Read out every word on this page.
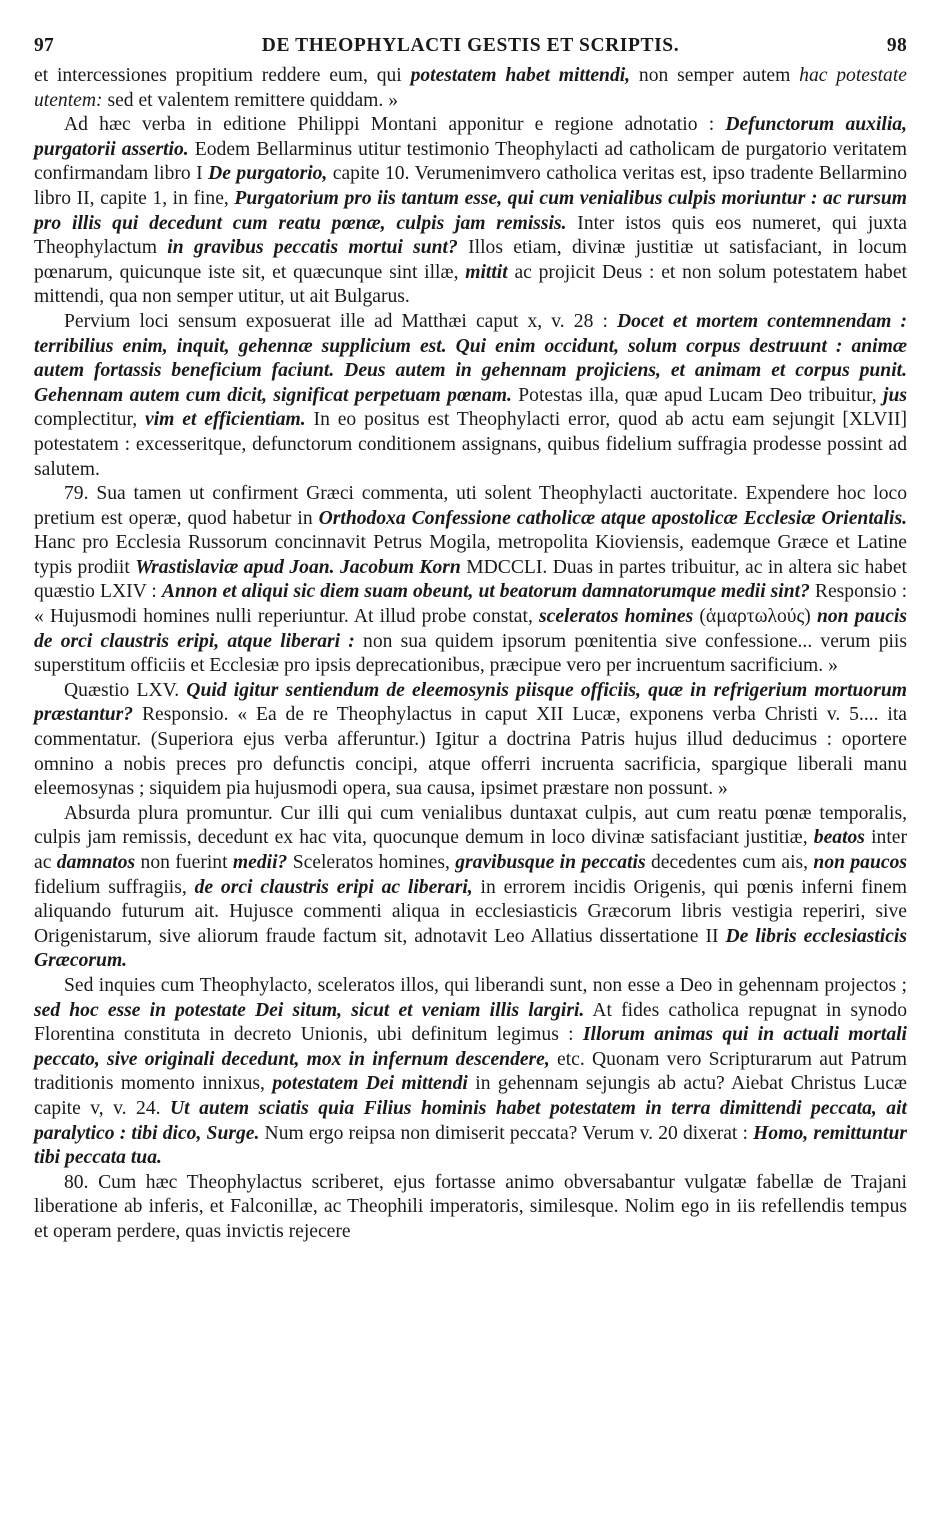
97	DE THEOPHYLACTI GESTIS ET SCRIPTIS.	98

et intercessiones propitium reddere eum, qui potestatem habet mittendi, non semper autem hac potestate utentem: sed et valentem remittere quiddam. »

Ad hæc verba in editione Philippi Montani apponitur e regione adnotatio : Defunctorum auxilia, purgatorii assertio. Eodem Bellarminus utitur testimonio Theophylacti ad catholicam de purgatorio veritatem confirmandam libro I De purgatorio, capite 10. Verumenimvero catholica veritas est, ipso tradente Bellarmino libro II, capite 1, in fine, Purgatorium pro iis tantum esse, qui cum venialibus culpis moriuntur : ac rursum pro illis qui decedunt cum reatu pœnæ, culpis jam remissis. Inter istos quis eos numeret, qui juxta Theophylactum in gravibus peccatis mortui sunt? Illos etiam, divinæ justitiæ ut satisfaciant, in locum pœnarum, quicunque iste sit, et quæcunque sint illæ, mittit ac projicit Deus : et non solum potestatem habet mittendi, qua non semper utitur, ut ait Bulgarus.

Pervium loci sensum exposuerat ille ad Matthæi caput x, v. 28 : Docet et mortem contemnendam : terribilius enim, inquit, gehennæ supplicium est. Qui enim occidunt, solum corpus destruunt : animæ autem fortassis beneficium faciunt. Deus autem in gehennam projiciens, et animam et corpus punit. Gehennam autem cum dicit, significat perpetuam pœnam. Potestas illa, quæ apud Lucam Deo tribuitur, jus complectitur, vim et efficientiam. In eo positus est Theophylacti error, quod ab actu eam sejungit [XLVII] potestatem : excesseritque, defunctorum conditionem assignans, quibus fidelium suffragia prodesse possint ad salutem.

79. Sua tamen ut confirment Græci commenta, uti solent Theophylacti auctoritate. Expendere hoc loco pretium est operæ, quod habetur in Orthodoxa Confessione catholicæ atque apostolicæ Ecclesiæ Orientalis. Hanc pro Ecclesia Russorum concinnavit Petrus Mogila, metropolita Kioviensis, eademque Græce et Latine typis prodiit Wrastislaviæ apud Joan. Jacobum Korn MDCCLI. Duas in partes tribuitur, ac in altera sic habet quæstio LXIV : Annon et aliqui sic diem suam obeunt, ut beatorum damnatorumque medii sint? Responsio : « Hujusmodi homines nulli reperiuntur. At illud probe constat, sceleratos homines (ἁμαρτωλούς) non paucis de orci claustris eripi, atque liberari : non sua quidem ipsorum pœnitentia sive confessione... verum piis superstitum officiis et Ecclesiæ pro ipsis deprecationibus, præcipue vero per incruentum sacrificium. »

Quæstio LXV. Quid igitur sentiendum de eleemosynis piisque officiis, quæ in refrigerium mortuorum præstantur? Responsio. « Ea de re Theophylactus in caput XII Lucæ, exponens verba Christi v. 5.... ita commentatur. (Superiora ejus verba afferuntur.) Igitur a doctrina Patris hujus illud deducimus : oportere omnino a nobis preces pro defunctis concipi, atque offerri incruenta sacrificia, spargique liberali manu eleemosynas ; siquidem pia hujusmodi opera, sua causa, ipsimet præstare non possunt. »

Absurda plura promuntur. Cur illi qui cum venialibus duntaxat culpis, aut cum reatu pœnæ temporalis, culpis jam remissis, decedunt ex hac vita, quocunque demum in loco divinæ satisfaciant justitiæ, beatos inter ac damnatos non fuerint medii? Sceleratos homines, gravibusque in peccatis decedentes cum ais, non paucos fidelium suffragiis, de orci claustris eripi ac liberari, in errorem incidis Origenis, qui pœnis inferni finem aliquando futurum ait. Hujusce commenti aliqua in ecclesiasticis Græcorum libris vestigia reperiri, sive Origenistarum, sive aliorum fraude factum sit, adnotavit Leo Allatius dissertatione II De libris ecclesiasticis Græcorum.

Sed inquies cum Theophylacto, sceleratos illos, qui liberandi sunt, non esse a Deo in gehennam projectos ; sed hoc esse in potestate Dei situm, sicut et veniam illis largiri. At fides catholica repugnat in synodo Florentina constituta in decreto Unionis, ubi definitum legimus : Illorum animas qui in actuali mortali peccato, sive originali decedunt, mox in infernum descendere, etc. Quonam vero Scripturarum aut Patrum traditionis momento innixus, potestatem Dei mittendi in gehennam sejungis ab actu? Aiebat Christus Lucæ capite v, v. 24. Ut autem sciatis quia Filius hominis habet potestatem in terra dimittendi peccata, ait paralytico : tibi dico, Surge. Num ergo reipsa non dimiserit peccata? Verum v. 20 dixerat : Homo, remittuntur tibi peccata tua.

80. Cum hæc Theophylactus scriberet, ejus fortasse animo obversabantur vulgatæ fabellæ de Trajani liberatione ab inferis, et Falconillæ, ac Theophili imperatoris, similesque. Nolim ego in iis refellendis tempus et operam perdere, quas invictis rejecere
